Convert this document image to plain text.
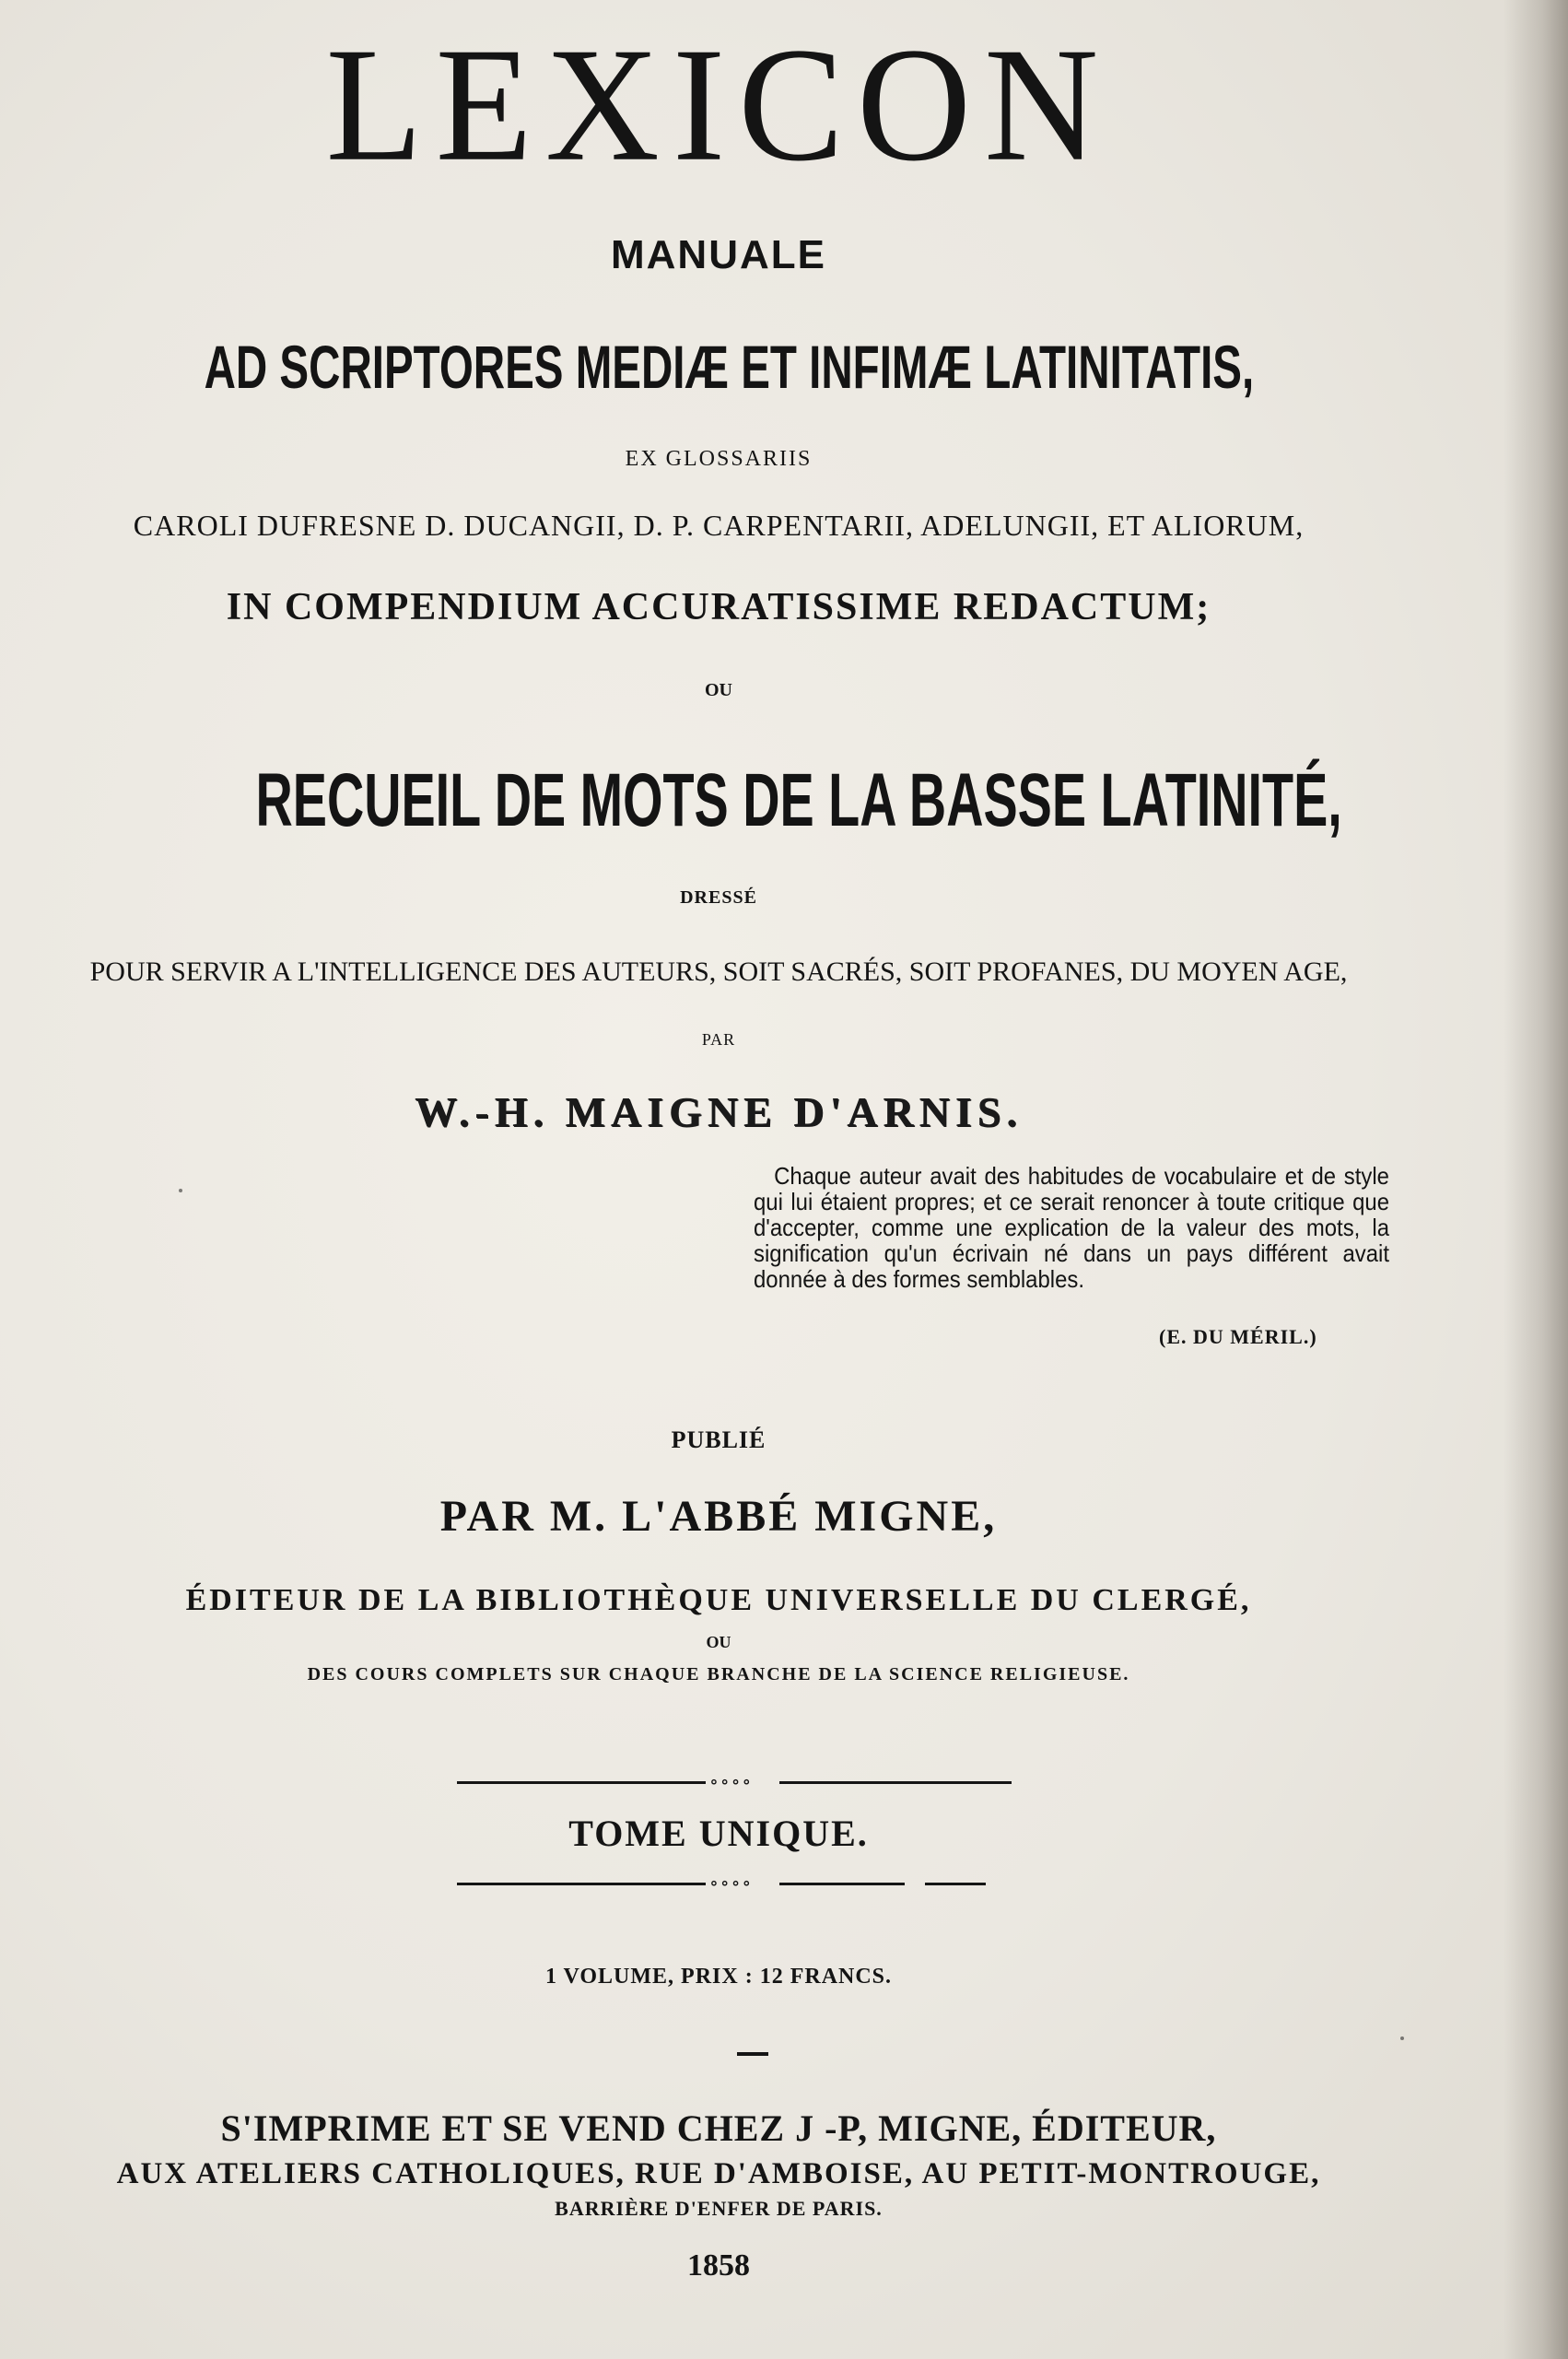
LEXICON
MANUALE
AD SCRIPTORES MEDIÆ ET INFIMÆ LATINITATIS,
EX GLOSSARIIS
CAROLI DUFRESNE D. DUCANGII, D. P. CARPENTARII, ADELUNGII, ET ALIORUM,
IN COMPENDIUM ACCURATISSIME REDACTUM;
OU
RECUEIL DE MOTS DE LA BASSE LATINITÉ,
DRESSÉ
POUR SERVIR A L'INTELLIGENCE DES AUTEURS, SOIT SACRÉS, SOIT PROFANES, DU MOYEN AGE,
PAR
W.-H. MAIGNE D'ARNIS.
Chaque auteur avait des habitudes de vocabulaire et de style qui lui étaient propres; et ce serait renoncer à toute critique que d'accepter, comme une explication de la valeur des mots, la signification qu'un écrivain né dans un pays différent avait donnée à des formes semblables.
(E. DU MÉRIL.)
PUBLIÉ
PAR M. L'ABBÉ MIGNE,
ÉDITEUR DE LA BIBLIOTHÈQUE UNIVERSELLE DU CLERGÉ,
OU
DES COURS COMPLETS SUR CHAQUE BRANCHE DE LA SCIENCE RELIGIEUSE.
∘∘∘∘
TOME UNIQUE.
∘∘∘∘
1 VOLUME, PRIX : 12 FRANCS.
S'IMPRIME ET SE VEND CHEZ J -P, MIGNE, ÉDITEUR,
AUX ATELIERS CATHOLIQUES, RUE D'AMBOISE, AU PETIT-MONTROUGE,
BARRIÈRE D'ENFER DE PARIS.
1858
